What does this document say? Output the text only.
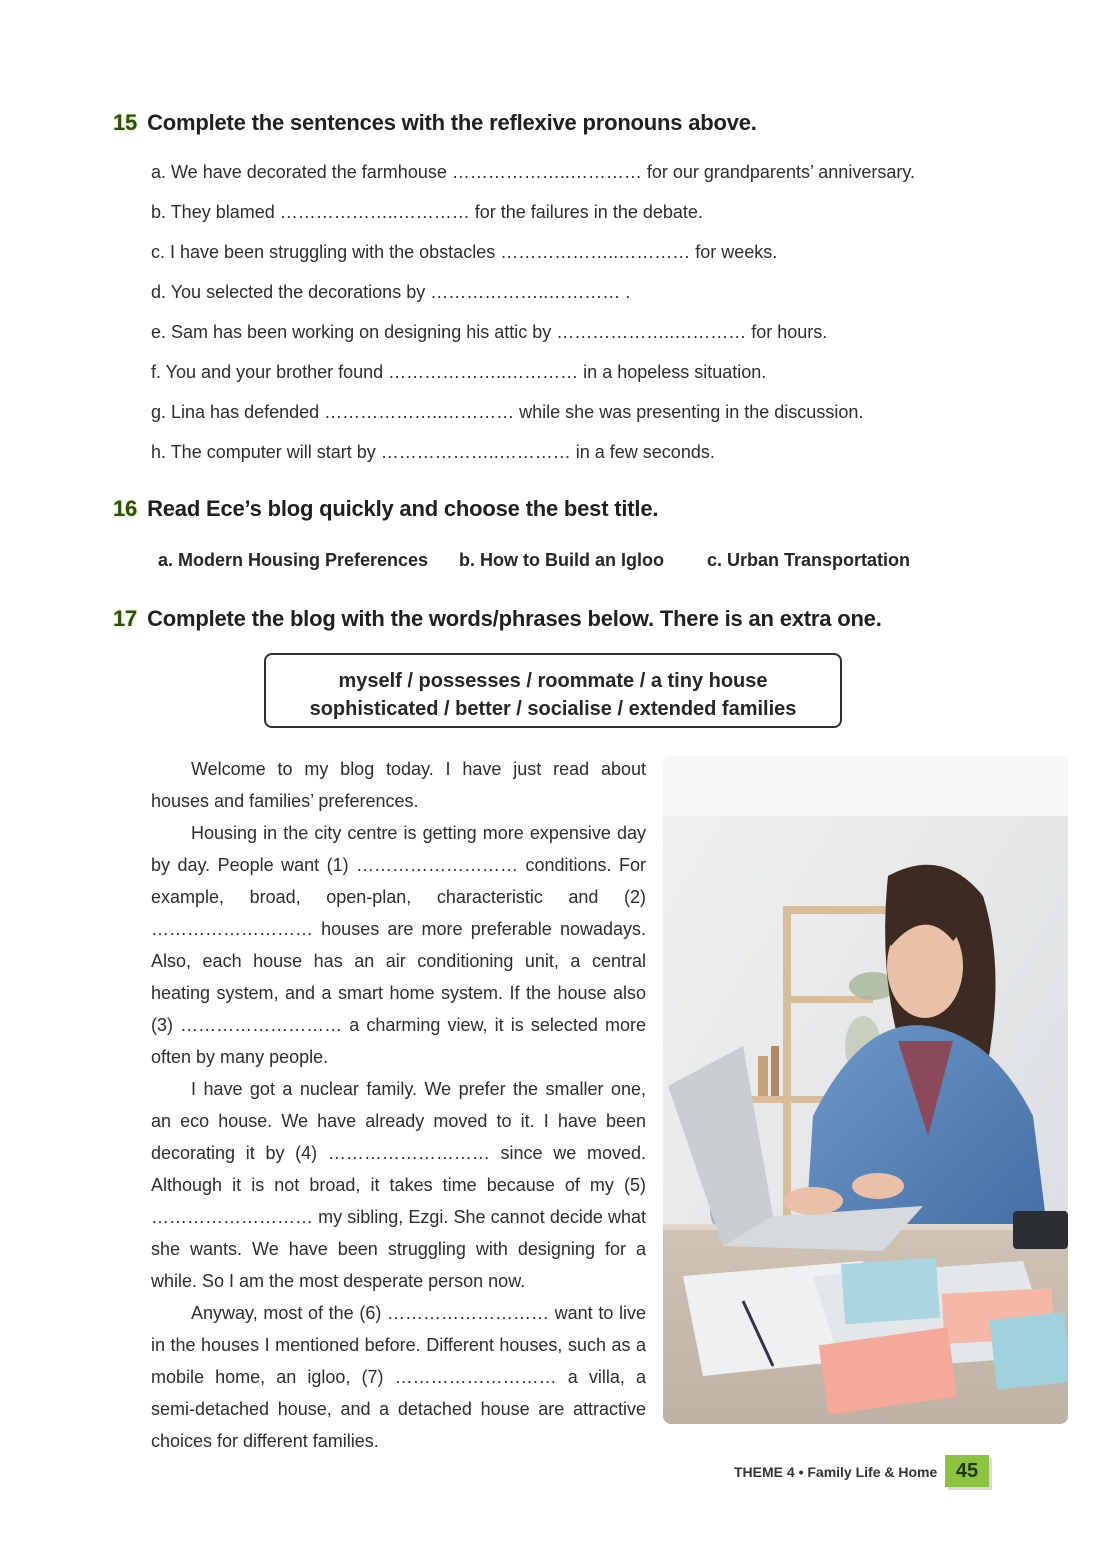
15 Complete the sentences with the reflexive pronouns above.
a. We have decorated the farmhouse ………………..………… for our grandparents’ anniversary.
b. They blamed ………………..………… for the failures in the debate.
c. I have been struggling with the obstacles ………………..………… for weeks.
d. You selected the decorations by ………………..………… .
e. Sam has been working on designing his attic by ………………..………… for hours.
f. You and your brother found ………………..………… in a hopeless situation.
g. Lina has defended ………………..………… while she was presenting in the discussion.
h. The computer will start by ………………..………… in a few seconds.
16 Read Ece’s blog quickly and choose the best title.
a. Modern Housing Preferences b. How to Build an Igloo c. Urban Transportation
17 Complete the blog with the words/phrases below. There is an extra one.
myself / possesses / roommate / a tiny house
sophisticated / better / socialise / extended families

Welcome to my blog today. I have just read about houses and families’ preferences.

Housing in the city centre is getting more expensive day by day. People want (1) ……………………… conditions. For example, broad, open-plan, characteristic and (2) ……………………… houses are more preferable nowadays. Also, each house has an air conditioning unit, a central heating system, and a smart home system. If the house also (3) ……………………… a charming view, it is selected more often by many people.

I have got a nuclear family. We prefer the smaller one, an eco house. We have already moved to it. I have been decorating it by (4) ……………………… since we moved. Although it is not broad, it takes time because of my (5) ……………………… my sibling, Ezgi. She cannot decide what she wants. We have been struggling with designing for a while. So I am the most desperate person now.

Anyway, most of the (6) ……………………… want to live in the houses I mentioned before. Different houses, such as a mobile home, an igloo, (7) ……………………… a villa, a semi-detached house, and a detached house are attractive choices for different families.

THEME 4 • Family Life & Home 45
